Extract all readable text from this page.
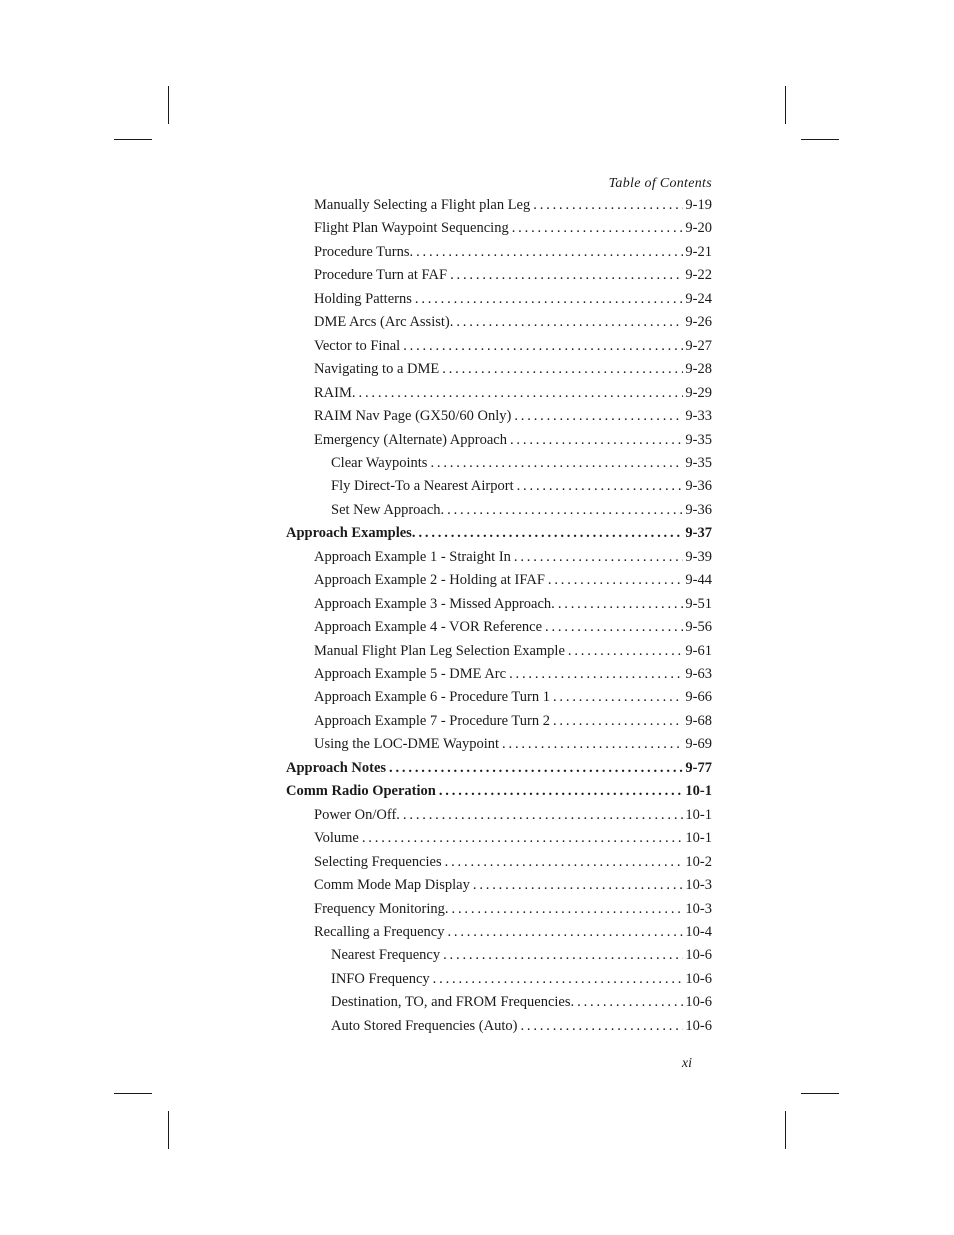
Table of Contents
Manually Selecting a Flight plan Leg . . .	9-19
Flight Plan Waypoint Sequencing . . .	9-20
Procedure Turns. . . .	9-21
Procedure Turn at FAF . . .	9-22
Holding Patterns . . .	9-24
DME Arcs (Arc Assist). . . .	9-26
Vector to Final . . .	9-27
Navigating to a DME . . .	9-28
RAIM. . . .	9-29
RAIM Nav Page (GX50/60 Only) . . .	9-33
Emergency (Alternate) Approach . . .	9-35
Clear Waypoints . . .	9-35
Fly Direct-To a Nearest Airport . . .	9-36
Set New Approach. . . .	9-36
Approach Examples. . . .	9-37
Approach Example 1 - Straight In . . .	9-39
Approach Example 2 - Holding at IFAF . . .	9-44
Approach Example 3 - Missed Approach. . . .	9-51
Approach Example 4 - VOR Reference . . .	9-56
Manual Flight Plan Leg Selection Example . . .	9-61
Approach Example 5 - DME Arc . . .	9-63
Approach Example 6 - Procedure Turn 1 . . .	9-66
Approach Example 7 - Procedure Turn 2 . . .	9-68
Using the LOC-DME Waypoint . . .	9-69
Approach Notes . . .	9-77
Comm Radio Operation . . .	10-1
Power On/Off. . . .	10-1
Volume . . .	10-1
Selecting Frequencies . . .	10-2
Comm Mode Map Display . . .	10-3
Frequency Monitoring. . . .	10-3
Recalling a Frequency . . .	10-4
Nearest Frequency . . .	10-6
INFO Frequency . . .	10-6
Destination, TO, and FROM Frequencies. . . .	10-6
Auto Stored Frequencies (Auto) . . .	10-6
xi
